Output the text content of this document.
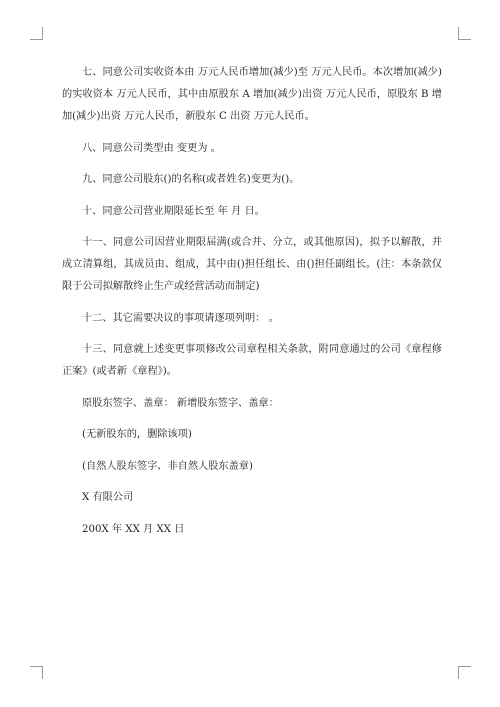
七、同意公司实收资本由 万元人民币增加(减少)至 万元人民币。本次增加(减少)的实收资本 万元人民币，其中由原股东 A 增加(减少)出资 万元人民币，原股东 B 增加(减少)出资 万元人民币，新股东 C 出资 万元人民币。

八、同意公司类型由 变更为 。

九、同意公司股东()的名称(或者姓名)变更为()。

十、同意公司营业期限延长至 年 月 日。

十一、同意公司因营业期限届满(或合并、分立，或其他原因)，拟予以解散，并成立清算组，其成员由、组成，其中由()担任组长、由()担任副组长。(注：本条款仅限于公司拟解散终止生产或经营活动而制定)

十二、其它需要决议的事项请逐项列明： 。

十三、同意就上述变更事项修改公司章程相关条款，附同意通过的公司《章程修正案》(或者新《章程》)。

原股东签字、盖章： 新增股东签字、盖章：

(无新股东的，删除该项)

(自然人股东签字、非自然人股东盖章)

X 有限公司

200X 年 XX 月 XX 日
